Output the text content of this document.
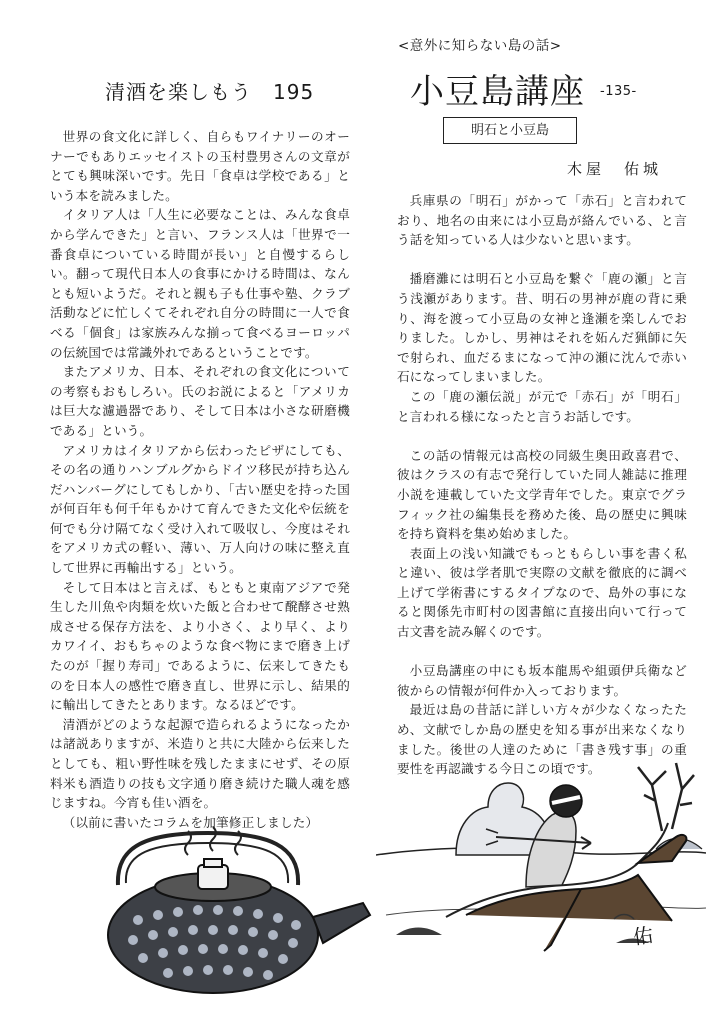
清酒を楽しもう　195

世界の食文化に詳しく、自らもワイナリーのオーナーでもありエッセイストの玉村豊男さんの文章がとても興味深いです。先日「食卓は学校である」という本を読みました。

イタリア人は「人生に必要なことは、みんな食卓から学んできた」と言い、フランス人は「世界で一番食卓についている時間が長い」と自慢するらしい。翻って現代日本人の食事にかける時間は、なんとも短いようだ。それと親も子も仕事や塾、クラブ活動などに忙しくてそれぞれ自分の時間に一人で食べる「個食」は家族みんな揃って食べるヨーロッパの伝統国では常識外れであるということです。

またアメリカ、日本、それぞれの食文化についての考察もおもしろい。氏のお説によると「アメリカは巨大な濾過器であり、そして日本は小さな研磨機である」という。

アメリカはイタリアから伝わったピザにしても、その名の通りハンブルグからドイツ移民が持ち込んだハンバーグにしてもしかり、「古い歴史を持った国が何百年も何千年もかけて育んできた文化や伝統を何でも分け隔てなく受け入れて吸収し、今度はそれをアメリカ式の軽い、薄い、万人向けの味に整え直して世界に再輸出する」という。

そして日本はと言えば、もともと東南アジアで発生した川魚や肉類を炊いた飯と合わせて醗酵させ熟成させる保存方法を、より小さく、より早く、よりカワイイ、おもちゃのような食べ物にまで磨き上げたのが「握り寿司」であるように、伝来してきたものを日本人の感性で磨き直し、世界に示し、結果的に輸出してきたとあります。なるほどです。

清酒がどのような起源で造られるようになったかは諸説ありますが、米造りと共に大陸から伝来したとしても、粗い野性味を残したままにせず、その原料米も酒造りの技も文字通り磨き続けた職人魂を感じますね。今宵も佳い酒を。

（以前に書いたコラムを加筆修正しました）

<意外に知らない島の話>
小豆島講座 -135-
明石と小豆島
木屋　佑城

兵庫県の「明石」がかって「赤石」と言われており、地名の由来には小豆島が絡んでいる、と言う話を知っている人は少ないと思います。

播磨灘には明石と小豆島を繋ぐ「鹿の瀬」と言う浅瀬があります。昔、明石の男神が鹿の背に乗り、海を渡って小豆島の女神と逢瀬を楽しんでおりました。しかし、男神はそれを妬んだ猟師に矢で射られ、血だるまになって沖の瀬に沈んで赤い石になってしまいました。

この「鹿の瀬伝説」が元で「赤石」が「明石」と言われる様になったと言うお話しです。

この話の情報元は高校の同級生奥田政喜君で、彼はクラスの有志で発行していた同人雑誌に推理小説を連載していた文学青年でした。東京でグラフィック社の編集長を務めた後、島の歴史に興味を持ち資料を集め始めました。

表面上の浅い知識でもっともらしい事を書く私と違い、彼は学者肌で実際の文献を徹底的に調べ上げて学術書にするタイプなので、島外の事になると関係先市町村の図書館に直接出向いて行って古文書を読み解くのです。

小豆島講座の中にも坂本龍馬や組頭伊兵衛など彼からの情報が何件か入っております。

最近は島の昔話に詳しい方々が少なくなったため、文献でしか島の歴史を知る事が出来なくなりました。後世の人達のために「書き残す事」の重要性を再認識する今日この頃です。

佑
